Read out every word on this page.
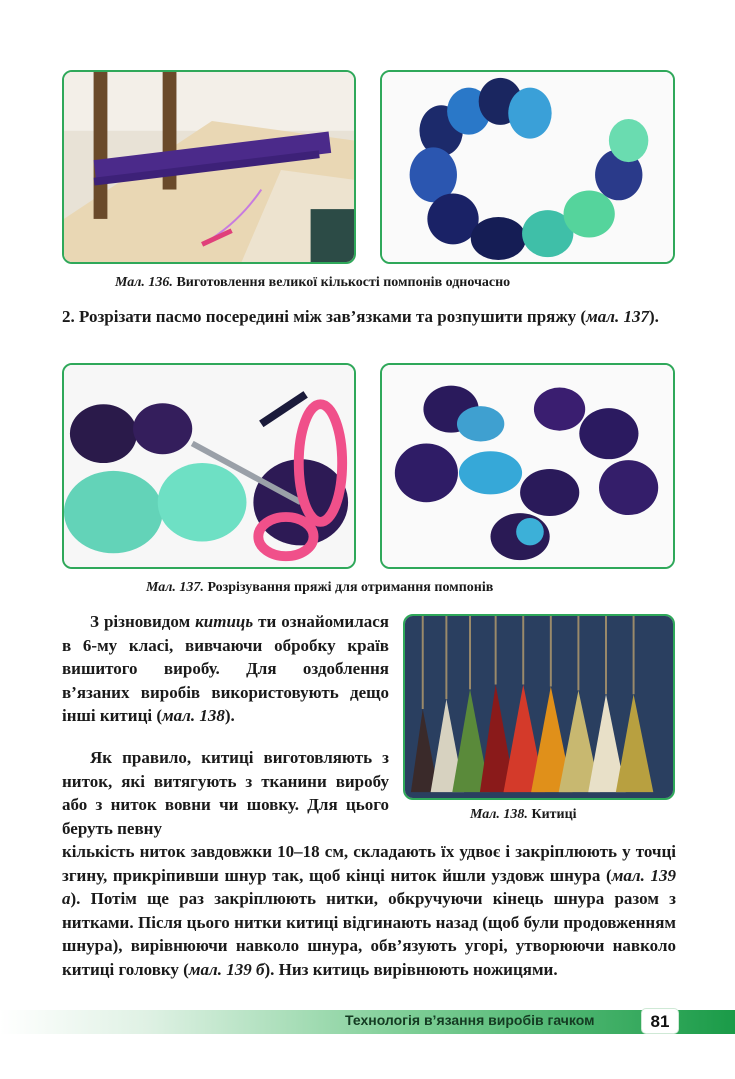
Мал. 136. Виготовлення великої кількості помпонів одночасно

2. Розрізати пасмо посередині між зав’язками та розпушити пряжу (мал. 137).

Мал. 137. Розрізування пряжі для отримання помпонів
Мал. 138. Китиці

З різновидом китиць ти ознайомилася в 6-му класі, вивчаючи обробку країв вишитого виробу. Для оздоблення в’язаних виробів використовують дещо інші китиці (мал. 138).

Як правило, китиці виготовляють з ниток, які витягують з тканини виробу або з ниток вовни чи шовку. Для цього беруть певну

кількість ниток завдовжки 10–18 см, складають їх удвоє і закріплюють у точці згину, прикріпивши шнур так, щоб кінці ниток йшли уздовж шнура (мал. 139 а). Потім ще раз закріплюють нитки, обкручуючи кінець шнура разом з нитками. Після цього нитки китиці відгинають назад (щоб були продовженням шнура), вирівнюючи навколо шнура, обв’язують угорі, утворюючи навколо китиці головку (мал. 139 б). Низ китиць вирівнюють ножицями.

Технологія в’язання виробів гачком	81
